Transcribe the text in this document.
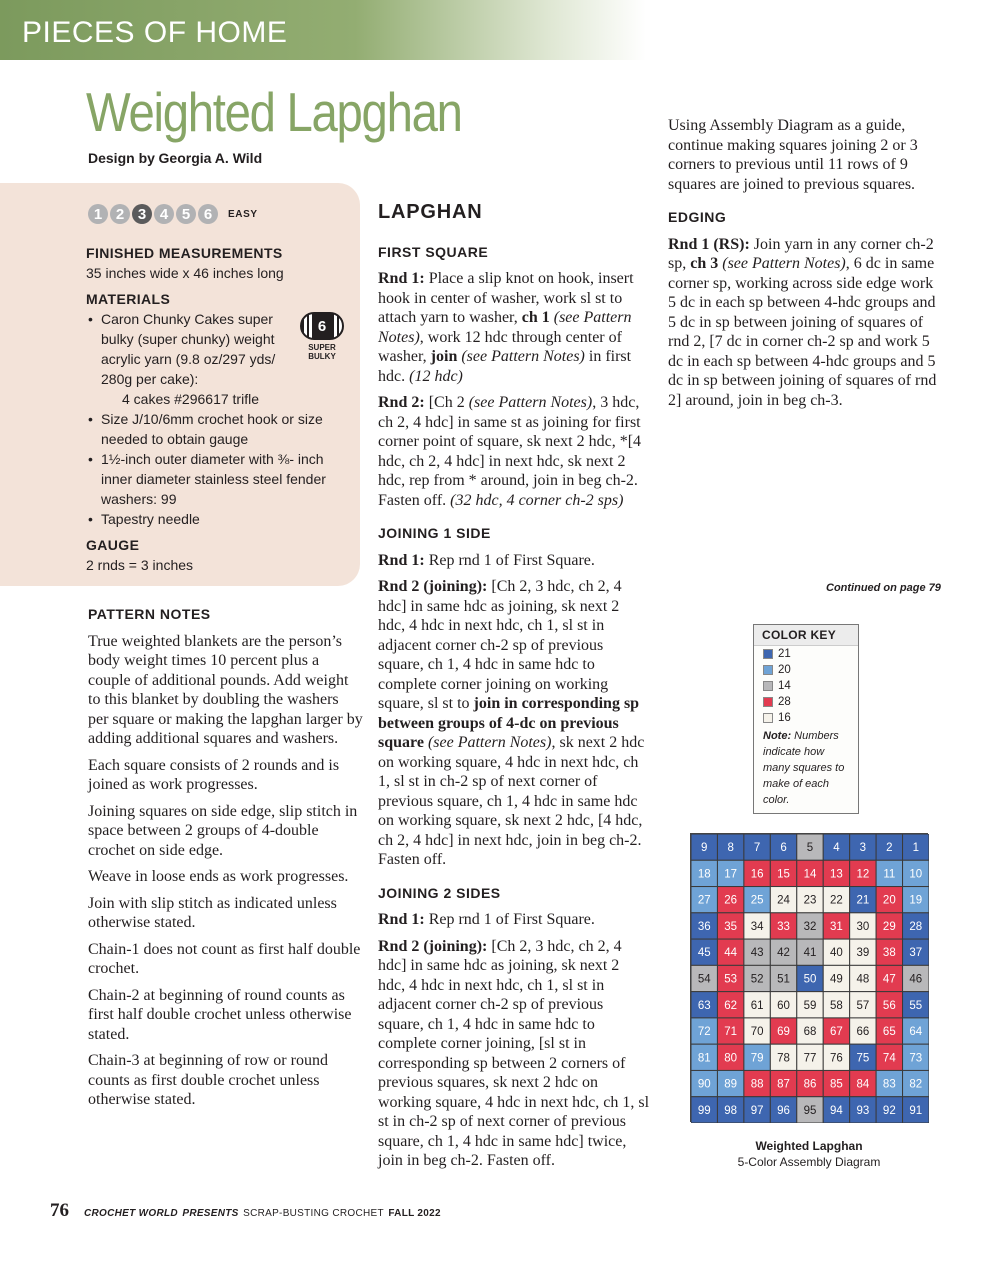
PIECES OF HOME
Weighted Lapghan
Design by Georgia A. Wild
1 2 3 4 5 6	EASY
FINISHED MEASUREMENTS
35 inches wide x 46 inches long
MATERIALS
• Caron Chunky Cakes super bulky (super chunky) weight acrylic yarn (9.8 oz/297 yds/ 280g per cake):
4 cakes #296617 trifle
• Size J/10/6mm crochet hook or size needed to obtain gauge
• 1½-inch outer diameter with ⅜- inch inner diameter stainless steel fender washers: 99
• Tapestry needle
GAUGE
2 rnds = 3 inches
6
SUPER BULKY
PATTERN NOTES

True weighted blankets are the person’s body weight times 10 percent plus a couple of additional pounds. Add weight to this blanket by doubling the washers per square or making the lapghan larger by adding additional squares and washers.

Each square consists of 2 rounds and is joined as work progresses.

Joining squares on side edge, slip stitch in space between 2 groups of 4-double crochet on side edge.

Weave in loose ends as work progresses.

Join with slip stitch as indicated unless otherwise stated.

Chain-1 does not count as first half double crochet.

Chain-2 at beginning of round counts as first half double crochet unless otherwise stated.

Chain-3 at beginning of row or round counts as first double crochet unless otherwise stated.

LAPGHAN
FIRST SQUARE

Rnd 1: Place a slip knot on hook, insert hook in center of washer, work sl st to attach yarn to washer, ch 1 (see Pattern Notes), work 12 hdc through center of washer, join (see Pattern Notes) in first hdc. (12 hdc)

Rnd 2: [Ch 2 (see Pattern Notes), 3 hdc, ch 2, 4 hdc] in same st as joining for first corner point of square, sk next 2 hdc, *[4 hdc, ch 2, 4 hdc] in next hdc, sk next 2 hdc, rep from * around, join in beg ch-2. Fasten off. (32 hdc, 4 corner ch-2 sps)

JOINING 1 SIDE

Rnd 1: Rep rnd 1 of First Square.

Rnd 2 (joining): [Ch 2, 3 hdc, ch 2, 4 hdc] in same hdc as joining, sk next 2 hdc, 4 hdc in next hdc, ch 1, sl st in adjacent corner ch-2 sp of previous square, ch 1, 4 hdc in same hdc to complete corner joining on working square, sl st to join in corresponding sp between groups of 4-dc on previous square (see Pattern Notes), sk next 2 hdc on working square, 4 hdc in next hdc, ch 1, sl st in ch-2 sp of next corner of previous square, ch 1, 4 hdc in same hdc on working square, sk next 2 hdc, [4 hdc, ch 2, 4 hdc] in next hdc, join in beg ch-2. Fasten off.

JOINING 2 SIDES

Rnd 1: Rep rnd 1 of First Square.

Rnd 2 (joining): [Ch 2, 3 hdc, ch 2, 4 hdc] in same hdc as joining, sk next 2 hdc, 4 hdc in next hdc, ch 1, sl st in adjacent corner ch-2 sp of previous square, ch 1, 4 hdc in same hdc to complete corner joining, [sl st in corresponding sp between 2 corners of previous squares, sk next 2 hdc on working square, 4 hdc in next hdc, ch 1, sl st in ch-2 sp of next corner of previous square, ch 1, 4 hdc in same hdc] twice, join in beg ch-2. Fasten off.

Using Assembly Diagram as a guide, continue making squares joining 2 or 3 corners to previous until 11 rows of 9 squares are joined to previous squares.

EDGING

Rnd 1 (RS): Join yarn in any corner ch-2 sp, ch 3 (see Pattern Notes), 6 dc in same corner sp, working across side edge work 5 dc in each sp between 4-hdc groups and 5 dc in sp between joining of squares of rnd 2, [7 dc in corner ch-2 sp and work 5 dc in each sp between 4-hdc groups and 5 dc in sp between joining of squares of rnd 2] around, join in beg ch-3.

Continued on page 79
COLOR KEY
21
20
14
28
16
Note: Numbers indicate how many squares to make of each color.
9 8 7 6 5 4 3 2 1
18 17 16 15 14 13 12 11 10
27 26 25 24 23 22 21 20 19
36 35 34 33 32 31 30 29 28
45 44 43 42 41 40 39 38 37
54 53 52 51 50 49 48 47 46
63 62 61 60 59 58 57 56 55
72 71 70 69 68 67 66 65 64
81 80 79 78 77 76 75 74 73
90 89 88 87 86 85 84 83 82
99 98 97 96 95 94 93 92 91
Weighted Lapghan
5-Color Assembly Diagram
76 CROCHET WORLD
PRESENTS
SCRAP-BUSTING CROCHET
FALL 2022
